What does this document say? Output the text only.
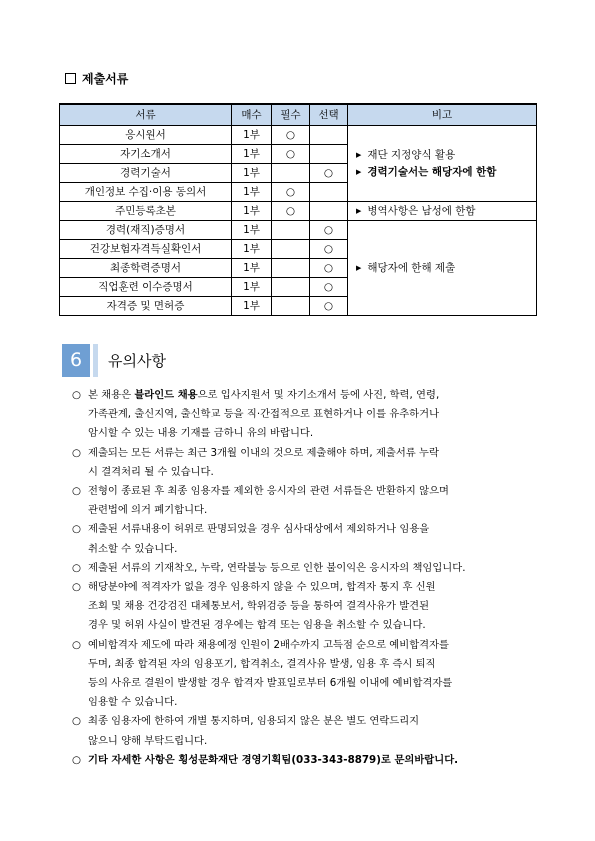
제출서류
서류	매수	필수	선택	비고
응시원서	1부	○		▶ 재단 지정양식 활용
▶ 경력기술서는 해당자에 한함

자기소개서	1부	○		
경력기술서	1부		○	
개인정보 수집·이용 동의서	1부	○		
주민등록초본	1부	○		▶ 병역사항은 남성에 한함
경력(재직)증명서	1부		○	▶ 해당자에 한해 제출
건강보험자격득실확인서	1부		○	
최종학력증명서	1부		○	
직업훈련 이수증명서	1부		○	
자격증 및 면허증	1부		○	
6	유의사항
○ 본 채용은 블라인드 채용으로 입사지원서 및 자기소개서 등에 사진, 학력, 연령,
가족관계, 출신지역, 출신학교 등을 직·간접적으로 표현하거나 이를 유추하거나
암시할 수 있는 내용 기재를 금하니 유의 바랍니다.
○ 제출되는 모든 서류는 최근 3개월 이내의 것으로 제출해야 하며, 제출서류 누락
시 결격처리 될 수 있습니다.
○ 전형이 종료된 후 최종 임용자를 제외한 응시자의 관련 서류들은 반환하지 않으며
관련법에 의거 폐기합니다.
○ 제출된 서류내용이 허위로 판명되었을 경우 심사대상에서 제외하거나 임용을
취소할 수 있습니다.
○ 제출된 서류의 기재착오, 누락, 연락불능 등으로 인한 불이익은 응시자의 책임입니다.
○ 해당분야에 적격자가 없을 경우 임용하지 않을 수 있으며, 합격자 통지 후 신원
조회 및 채용 건강검진 대체통보서, 학위검증 등을 통하여 결격사유가 발견된
경우 및 허위 사실이 발견된 경우에는 합격 또는 임용을 취소할 수 있습니다.
○ 예비합격자 제도에 따라 채용예정 인원이 2배수까지 고득점 순으로 예비합격자를
두며, 최종 합격된 자의 임용포기, 합격취소, 결격사유 발생, 임용 후 즉시 퇴직
등의 사유로 결원이 발생할 경우 합격자 발표일로부터 6개월 이내에 예비합격자를
임용할 수 있습니다.
○ 최종 임용자에 한하여 개별 통지하며, 임용되지 않은 분은 별도 연락드리지
않으니 양해 부탁드립니다.
○ 기타 자세한 사항은 횡성문화재단 경영기획팀(033-343-8879)로 문의바랍니다.
